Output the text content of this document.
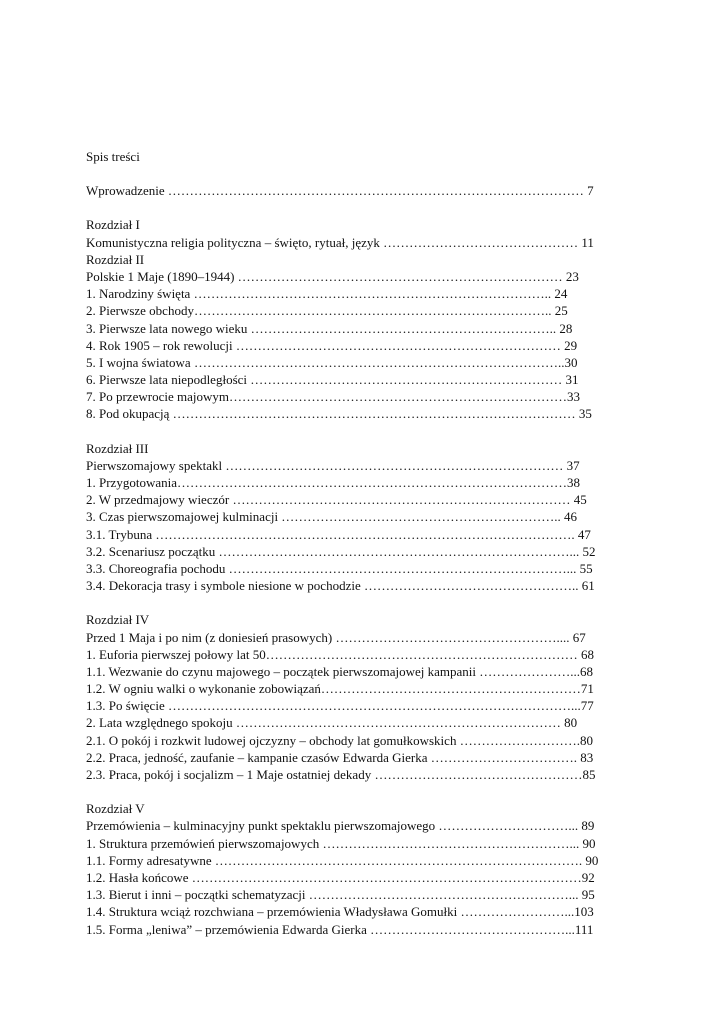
Spis treści
Wprowadzenie …………………………………………………………………………………… 7
Rozdział I
Komunistyczna religia polityczna – święto, rytuał, język ……………………………………… 11
Rozdział II
Polskie 1 Maje (1890–1944) ………………………………………………………………… 23
1. Narodziny święta ……………………………………………………………………….. 24
2. Pierwsze obchody……………………………………………………………………….. 25
3. Pierwsze lata nowego wieku …………………………………………………………….. 28
4. Rok 1905 – rok rewolucji ………………………………………………………………… 29
5. I wojna światowa …………………………………………………………………………..30
6. Pierwsze lata niepodległości ……………………………………………………………… 31
7. Po przewrocie majowym……………………………………………………………………33
8. Pod okupacją ………………………………………………………………………………… 35
Rozdział III
Pierwszomajowy spektakl …………………………………………………………………… 37
1. Przygotowania………………………………………………………………………………38
2. W przedmajowy wieczór …………………………………………………………………… 45
3. Czas pierwszomajowej kulminacji ……………………………………………………….. 46
3.1. Trybuna ……………………………………………………………………………………. 47
3.2. Scenariusz początku ………………………………………………………………………... 52
3.3. Choreografia pochodu ……………………………………………………………………... 55
3.4. Dekoracja trasy i symbole niesione w pochodzie ………………………………………….. 61
Rozdział IV
Przed 1 Maja i po nim (z doniesień prasowych) …………………………………………….... 67
1. Euforia pierwszej połowy lat 50……………………………………………………………… 68
1.1. Wezwanie do czynu majowego – początek pierwszomajowej kampanii …………………...68
1.2. W ogniu walki o wykonanie zobowiązań……………………………………………………71
1.3. Po święcie …………………………………………………………………………………...77
2. Lata względnego spokoju ………………………………………………………………… 80
2.1. O pokój i rozkwit ludowej ojczyzny – obchody lat gomułkowskich ……………………….80
2.2. Praca, jedność, zaufanie – kampanie czasów Edwarda Gierka ……………………………. 83
2.3. Praca, pokój i socjalizm – 1 Maje ostatniej dekady …………………………………………85
Rozdział V
Przemówienia – kulminacyjny punkt spektaklu pierwszomajowego …………………………... 89
1. Struktura przemówień pierwszomajowych …………………………………………………... 90
1.1. Formy adresatywne …………………………………………………………………………. 90
1.2. Hasła końcowe ………………………………………………………………………………92
1.3. Bierut i inni – początki schematyzacji ……………………………………………………... 95
1.4. Struktura wciąż rozchwiana – przemówienia Władysława Gomułki ……………………...103
1.5. Forma „leniwa” – przemówienia Edwarda Gierka ………………………………………...111
